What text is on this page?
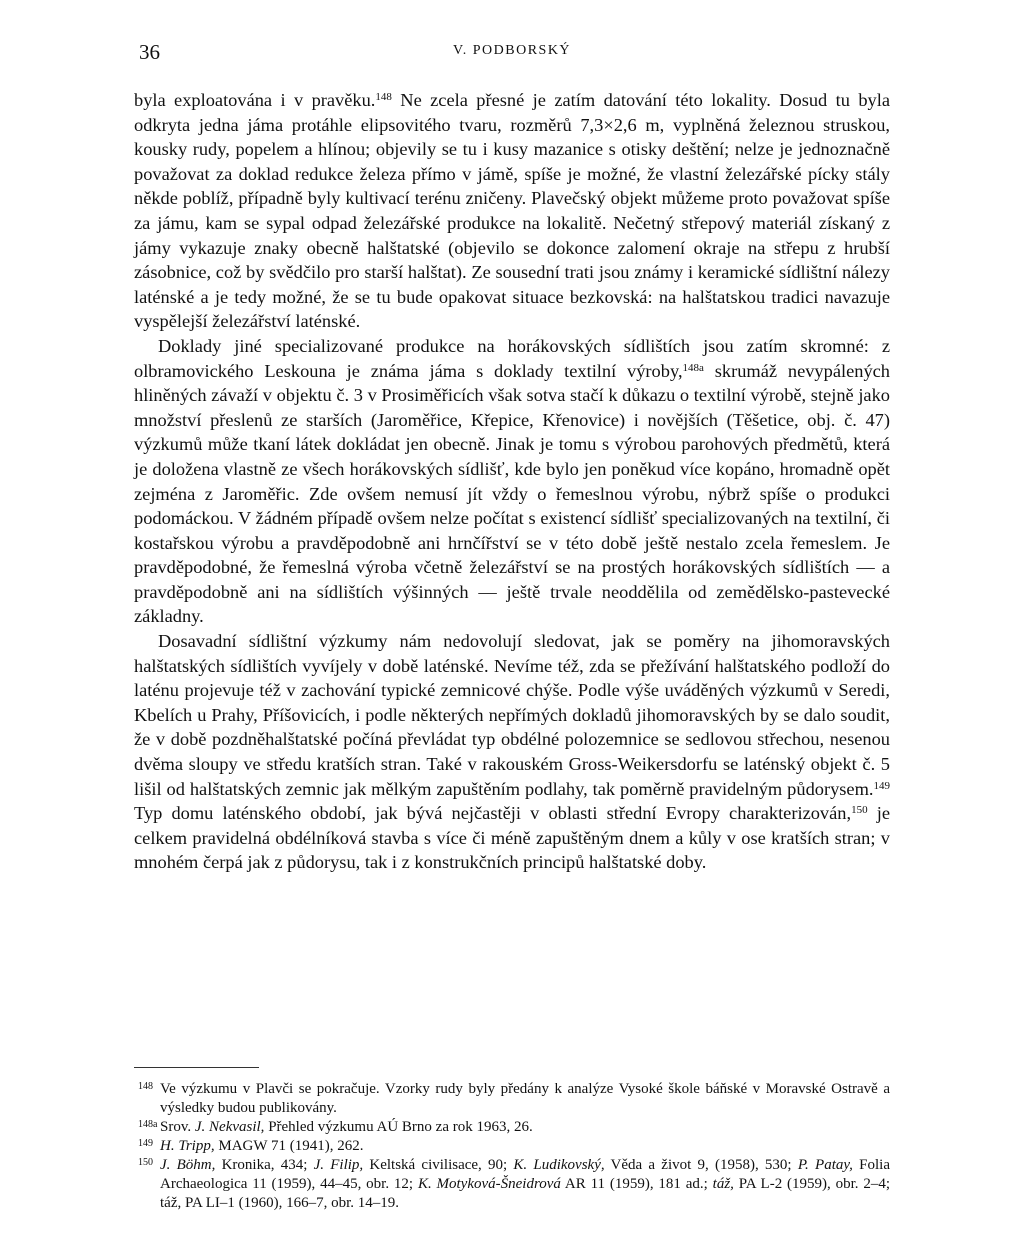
36	V. PODBORSKÝ

byla exploatována i v pravěku.$^{148}$ Ne zcela přesné je zatím datování této lokality. Dosud tu byla odkryta jedna jáma protáhle elipsovitého tvaru, rozměrů 7,3×2,6 m, vyplněná železnou struskou, kousky rudy, popelem a hlínou; objevily se tu i kusy mazanice s otisky deštění; nelze je jednoznačně považovat za doklad redukce železa přímo v jámě, spíše je možné, že vlastní železářské pícky stály někde poblíž, případně byly kultivací terénu zničeny. Plavečský objekt můžeme proto považovat spíše za jámu, kam se sypal odpad železářské produkce na lokalitě. Nečetný střepový materiál získaný z jámy vykazuje znaky obecně halštatské (objevilo se dokonce zalomení okraje na střepu z hrubší zásobnice, což by svědčilo pro starší halštat). Ze sousední trati jsou známy i keramické sídlištní nálezy laténské a je tedy možné, že se tu bude opakovat situace bezkovská: na halštatskou tradici navazuje vyspělejší železářství laténské.

Doklady jiné specializované produkce na horákovských sídlištích jsou zatím skromné: z olbramovického Leskouna je známa jáma s doklady textilní výroby,$^{148a}$ skrumáž nevypálených hliněných závaží v objektu č. 3 v Prosiměřicích však sotva stačí k důkazu o textilní výrobě, stejně jako množství přeslenů ze starších (Jaroměřice, Křepice, Křenovice) i novějších (Těšetice, obj. č. 47) výzkumů může tkaní látek dokládat jen obecně. Jinak je tomu s výrobou parohových předmětů, která je doložena vlastně ze všech horákovských sídlišť, kde bylo jen poněkud více kopáno, hromadně opět zejména z Jaroměřic. Zde ovšem nemusí jít vždy o řemeslnou výrobu, nýbrž spíše o produkci podomáckou. V žádném případě ovšem nelze počítat s existencí sídlišť specializovaných na textilní, či kostařskou výrobu a pravděpodobně ani hrnčířství se v této době ještě nestalo zcela řemeslem. Je pravděpodobné, že řemeslná výroba včetně železářství se na prostých horákovských sídlištích — a pravděpodobně ani na sídlištích výšinných — ještě trvale neoddělila od zemědělsko-pastevecké základny.

Dosavadní sídlištní výzkumy nám nedovolují sledovat, jak se poměry na jihomoravských halštatských sídlištích vyvíjely v době laténské. Nevíme též, zda se přežívání halštatského podloží do laténu projevuje též v zachování typické zemnicové chýše. Podle výše uváděných výzkumů v Seredi, Kbelích u Prahy, Příšovicích, i podle některých nepřímých dokladů jihomoravských by se dalo soudit, že v době pozdněhalštatské počíná převládat typ obdélné polozemnice se sedlovou střechou, nesenou dvěma sloupy ve středu kratších stran. Také v rakouském Gross-Weikersdorfu se laténský objekt č. 5 lišil od halštatských zemnic jak mělkým zapuštěním podlahy, tak poměrně pravidelným půdorysem.$^{149}$ Typ domu laténského období, jak bývá nejčastěji v oblasti střední Evropy charakterizován,$^{150}$ je celkem pravidelná obdélníková stavba s více či méně zapuštěným dnem a kůly v ose kratších stran; v mnohém čerpá jak z půdorysu, tak i z konstrukčních principů halštatské doby.

148 Ve výzkumu v Plavči se pokračuje. Vzorky rudy byly předány k analýze Vysoké škole báňské v Moravské Ostravě a výsledky budou publikovány.
148a Srov. J. Nekvasil, Přehled výzkumu AÚ Brno za rok 1963, 26.
149 H. Tripp, MAGW 71 (1941), 262.
150 J. Böhm, Kronika, 434; J. Filip, Keltská civilisace, 90; K. Ludikovský, Věda a život 9, (1958), 530; P. Patay, Folia Archaeologica 11 (1959), 44–45, obr. 12; K. Motyková-Šneidrová AR 11 (1959), 181 ad.; táž, PA L-2 (1959), obr. 2–4; táž, PA LI–1 (1960), 166–7, obr. 14–19.
